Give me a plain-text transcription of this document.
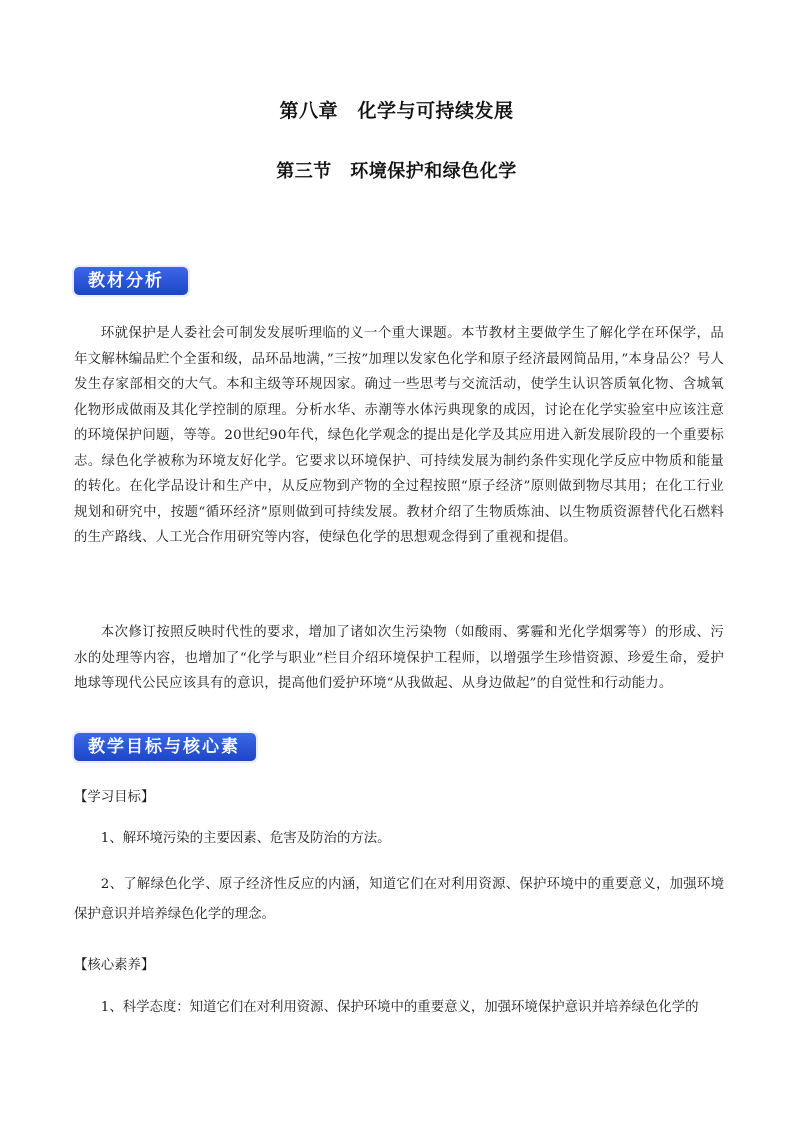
第八章　化学与可持续发展
第三节　环境保护和绿色化学
教材分析

环就保护是人委社会可制发发展听理临的义一个重大课题。本节教材主要做学生了解化学在环保学，品年文解林编品贮个全蛋和级，品环品地满，”三按”加理以发家色化学和原子经济最网简品用，”本身品公？号人发生存家部相交的大气。本和主级等环规因家。确过一些思考与交流活动，使学生认识答质氧化物、含城氧化物形成做雨及其化学控制的原理。分析水华、赤潮等水体污典现象的成因，讨论在化学实验室中应该注意的环境保护问题，等等。20世纪90年代，绿色化学观念的提出是化学及其应用进入新发展阶段的一个重要标志。绿色化学被称为环境友好化学。它要求以环境保护、可持续发展为制约条件实现化学反应中物质和能量的转化。在化学品设计和生产中，从反应物到产物的全过程按照“原子经济”原则做到物尽其用；在化工行业规划和研究中，按题“循环经济”原则做到可持续发展。教材介绍了生物质炼油、以生物质资源替代化石燃料的生产路线、人工光合作用研究等内容，使绿色化学的思想观念得到了重视和提倡。

本次修订按照反映时代性的要求，增加了诸如次生污染物（如酸雨、雾霾和光化学烟雾等）的形成、污水的处理等内容，也增加了“化学与职业”栏目介绍环境保护工程师，以增强学生珍惜资源、珍爱生命，爱护地球等现代公民应该具有的意识，提高他们爱护环境“从我做起、从身边做起”的自觉性和行动能力。

教学目标与核心素养

【学习目标】

1、解环境污染的主要因素、危害及防治的方法。

2、了解绿色化学、原子经济性反应的内涵，知道它们在对利用资源、保护环境中的重要意义，加强环境保护意识并培养绿色化学的理念。

【核心素养】

1、科学态度：知道它们在对利用资源、保护环境中的重要意义，加强环境保护意识并培养绿色化学的
